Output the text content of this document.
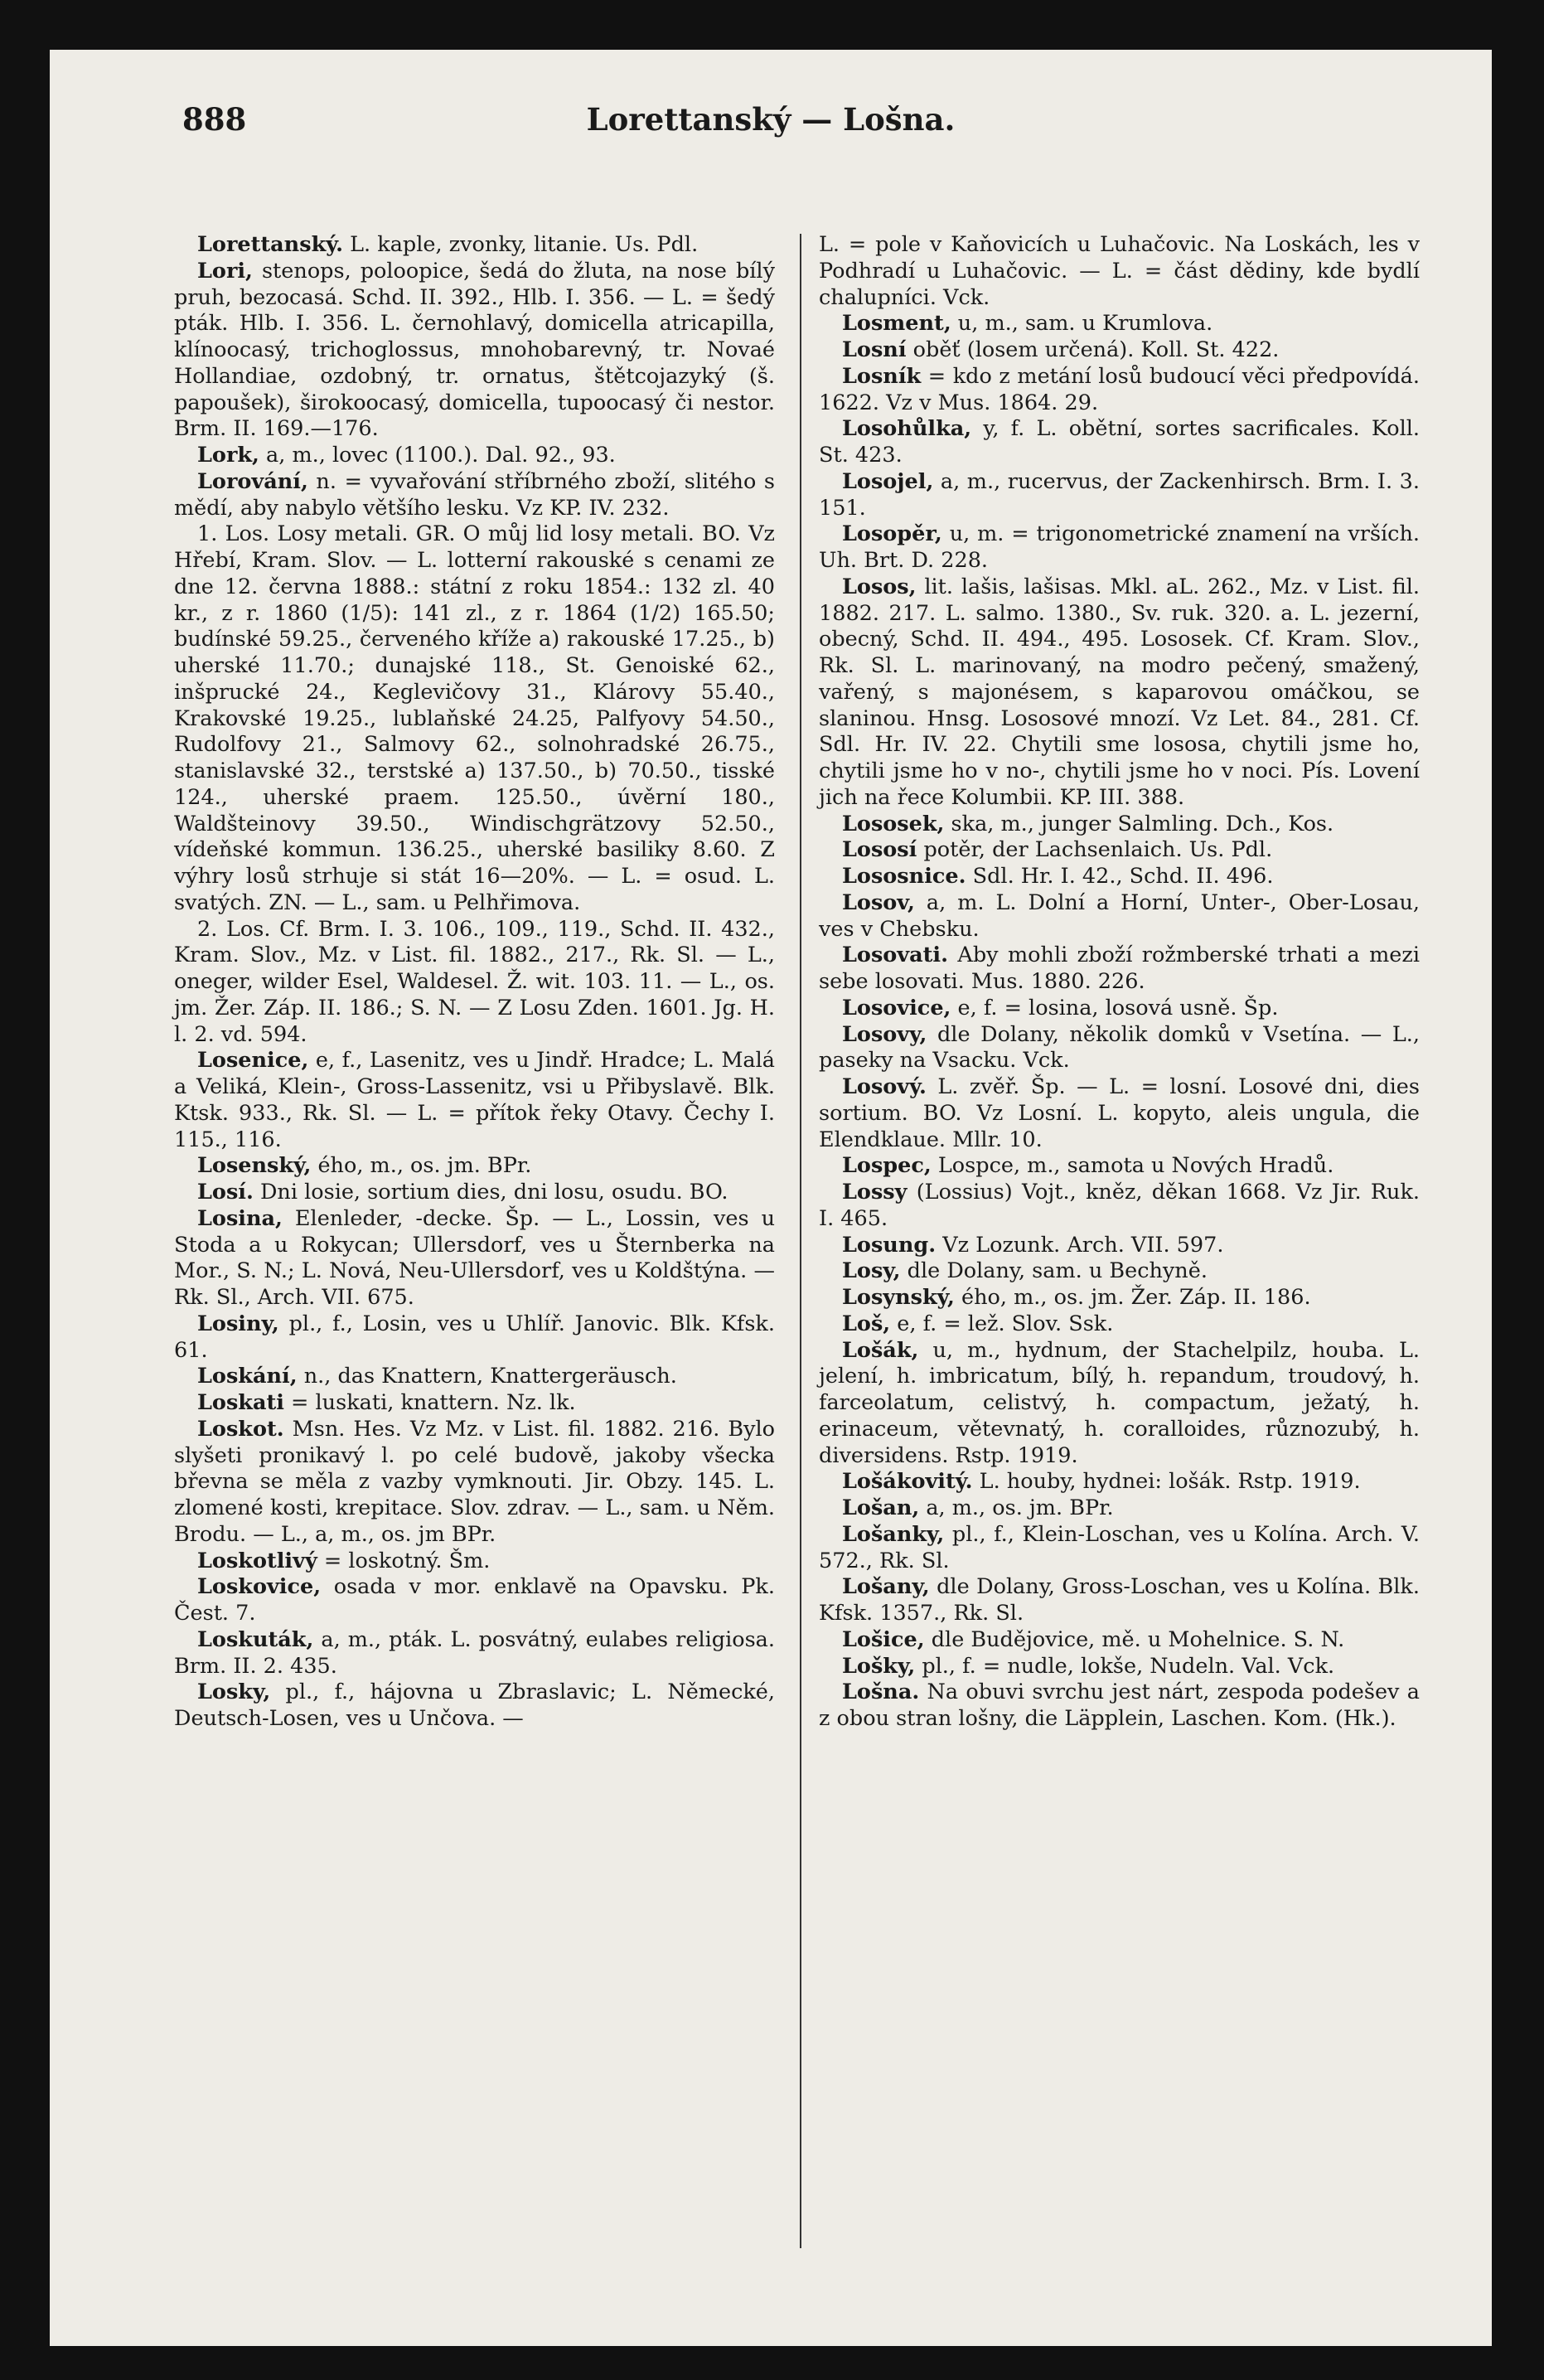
888	Lorettanský — Lošna.

Lorettanský. L. kaple, zvonky, litanie. Us. Pdl.

Lori, stenops, poloopice, šedá do žluta, na nose bílý pruh, bezocasá. Schd. II. 392., Hlb. I. 356. — L. = šedý pták. Hlb. I. 356. L. černohlavý, domicella atricapilla, klínoocasý, trichoglossus, mnohobarevný, tr. Novaé Hollandiae, ozdobný, tr. ornatus, štětcojazyký (š. papoušek), širokoocasý, domicella, tupoocasý či nestor. Brm. II. 169.—176.

Lork, a, m., lovec (1100.). Dal. 92., 93.

Lorování, n. = vyvařování stříbrného zboží, slitého s mědí, aby nabylo většího lesku. Vz KP. IV. 232.

1. Los. Losy metali. GR. O můj lid losy metali. BO. Vz Hřebí, Kram. Slov. — L. lotterní rakouské s cenami ze dne 12. června 1888.: státní z roku 1854.: 132 zl. 40 kr., z r. 1860 (1/5): 141 zl., z r. 1864 (1/2) 165.50; budínské 59.25., červeného kříže a) rakouské 17.25., b) uherské 11.70.; dunajské 118., St. Genoiské 62., inšprucké 24., Keglevičovy 31., Klárovy 55.40., Krakovské 19.25., lublaňské 24.25, Palfyovy 54.50., Rudolfovy 21., Salmovy 62., solnohradské 26.75., stanislavské 32., terstské a) 137.50., b) 70.50., tisské 124., uherské praem. 125.50., úvěrní 180., Waldšteinovy 39.50., Windischgrätzovy 52.50., vídeňské kommun. 136.25., uherské basiliky 8.60. Z výhry losů strhuje si stát 16—20%. — L. = osud. L. svatých. ZN. — L., sam. u Pelhřimova.

2. Los. Cf. Brm. I. 3. 106., 109., 119., Schd. II. 432., Kram. Slov., Mz. v List. fil. 1882., 217., Rk. Sl. — L., oneger, wilder Esel, Waldesel. Ž. wit. 103. 11. — L., os. jm. Žer. Záp. II. 186.; S. N. — Z Losu Zden. 1601. Jg. H. l. 2. vd. 594.

Losenice, e, f., Lasenitz, ves u Jindř. Hradce; L. Malá a Veliká, Klein-, Gross-Lassenitz, vsi u Přibyslavě. Blk. Ktsk. 933., Rk. Sl. — L. = přítok řeky Otavy. Čechy I. 115., 116.

Losenský, ého, m., os. jm. BPr.

Losí. Dni losie, sortium dies, dni losu, osudu. BO.

Losina, Elenleder, -decke. Šp. — L., Lossin, ves u Stoda a u Rokycan; Ullersdorf, ves u Šternberka na Mor., S. N.; L. Nová, Neu-Ullersdorf, ves u Koldštýna. — Rk. Sl., Arch. VII. 675.

Losiny, pl., f., Losin, ves u Uhlíř. Janovic. Blk. Kfsk. 61.

Loskání, n., das Knattern, Knattergeräusch.

Loskati = luskati, knattern. Nz. lk.

Loskot. Msn. Hes. Vz Mz. v List. fil. 1882. 216. Bylo slyšeti pronikavý l. po celé budově, jakoby všecka břevna se měla z vazby vymknouti. Jir. Obzy. 145. L. zlomené kosti, krepitace. Slov. zdrav. — L., sam. u Něm. Brodu. — L., a, m., os. jm BPr.

Loskotlivý = loskotný. Šm.

Loskovice, osada v mor. enklavě na Opavsku. Pk. Čest. 7.

Loskuták, a, m., pták. L. posvátný, eulabes religiosa. Brm. II. 2. 435.

Losky, pl., f., hájovna u Zbraslavic; L. Německé, Deutsch-Losen, ves u Unčova. —

L. = pole v Kaňovicích u Luhačovic. Na Loskách, les v Podhradí u Luhačovic. — L. = část dědiny, kde bydlí chalupníci. Vck.

Losment, u, m., sam. u Krumlova.

Losní oběť (losem určená). Koll. St. 422.

Losník = kdo z metání losů budoucí věci předpovídá. 1622. Vz v Mus. 1864. 29.

Losohůlka, y, f. L. obětní, sortes sacrificales. Koll. St. 423.

Losojel, a, m., rucervus, der Zackenhirsch. Brm. I. 3. 151.

Losopěr, u, m. = trigonometrické znamení na vrších. Uh. Brt. D. 228.

Losos, lit. lašis, lašisas. Mkl. aL. 262., Mz. v List. fil. 1882. 217. L. salmo. 1380., Sv. ruk. 320. a. L. jezerní, obecný, Schd. II. 494., 495. Lososek. Cf. Kram. Slov., Rk. Sl. L. marinovaný, na modro pečený, smažený, vařený, s majonésem, s kaparovou omáčkou, se slaninou. Hnsg. Lososové mnozí. Vz Let. 84., 281. Cf. Sdl. Hr. IV. 22. Chytili sme lososa, chytili jsme ho, chytili jsme ho v no-, chytili jsme ho v noci. Pís. Lovení jich na řece Kolumbii. KP. III. 388.

Lososek, ska, m., junger Salmling. Dch., Kos.

Lososí potěr, der Lachsenlaich. Us. Pdl.

Lososnice. Sdl. Hr. I. 42., Schd. II. 496.

Losov, a, m. L. Dolní a Horní, Unter-, Ober-Losau, ves v Chebsku.

Losovati. Aby mohli zboží rožmberské trhati a mezi sebe losovati. Mus. 1880. 226.

Losovice, e, f. = losina, losová usně. Šp.

Losovy, dle Dolany, několik domků v Vsetína. — L., paseky na Vsacku. Vck.

Losový. L. zvěř. Šp. — L. = losní. Losové dni, dies sortium. BO. Vz Losní. L. kopyto, aleis ungula, die Elendklaue. Mllr. 10.

Lospec, Lospce, m., samota u Nových Hradů.

Lossy (Lossius) Vojt., kněz, děkan 1668. Vz Jir. Ruk. I. 465.

Losung. Vz Lozunk. Arch. VII. 597.

Losy, dle Dolany, sam. u Bechyně.

Losynský, ého, m., os. jm. Žer. Záp. II. 186.

Loš, e, f. = lež. Slov. Ssk.

Lošák, u, m., hydnum, der Stachelpilz, houba. L. jelení, h. imbricatum, bílý, h. repandum, troudový, h. farceolatum, celistvý, h. compactum, ježatý, h. erinaceum, větevnatý, h. coralloides, různozubý, h. diversidens. Rstp. 1919.

Lošákovitý. L. houby, hydnei: lošák. Rstp. 1919.

Lošan, a, m., os. jm. BPr.

Lošanky, pl., f., Klein-Loschan, ves u Kolína. Arch. V. 572., Rk. Sl.

Lošany, dle Dolany, Gross-Loschan, ves u Kolína. Blk. Kfsk. 1357., Rk. Sl.

Lošice, dle Budějovice, mě. u Mohelnice. S. N.

Lošky, pl., f. = nudle, lokše, Nudeln. Val. Vck.

Lošna. Na obuvi svrchu jest nárt, zespoda podešev a z obou stran lošny, die Läpplein, Laschen. Kom. (Hk.).
